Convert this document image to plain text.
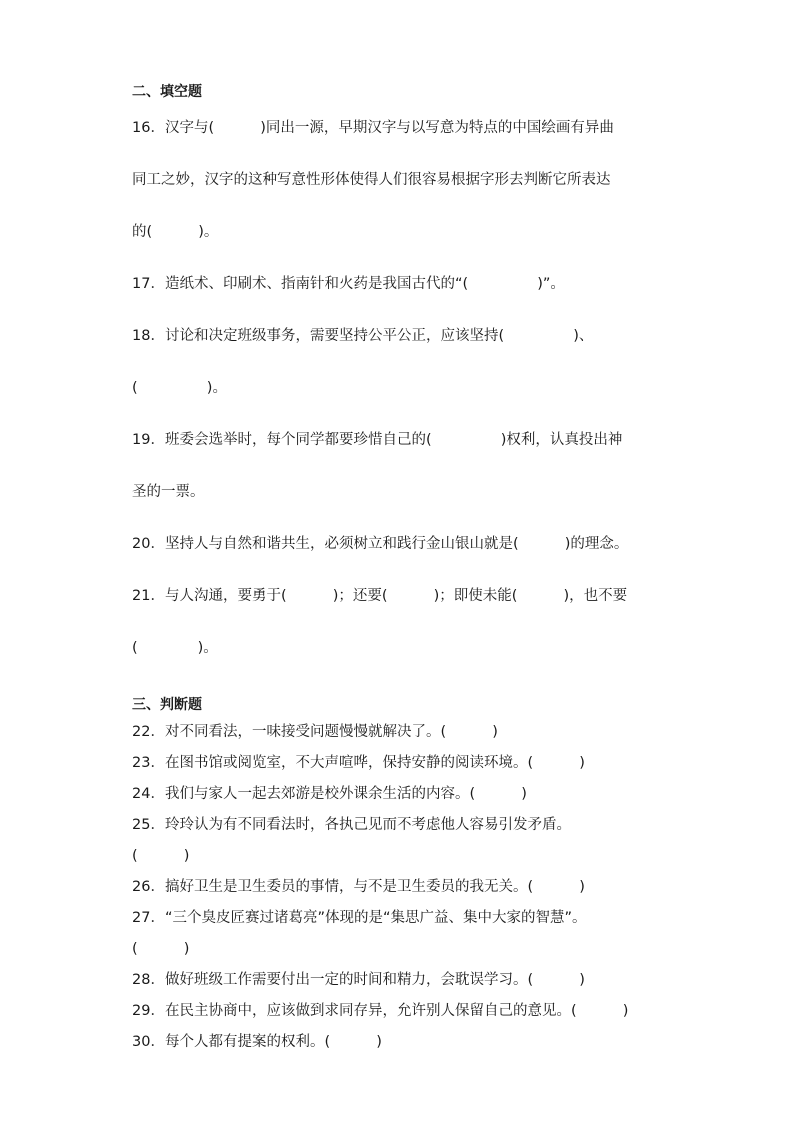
二、填空题
16．汉字与(          )同出一源，早期汉字与以写意为特点的中国绘画有异曲
同工之妙，汉字的这种写意性形体使得人们很容易根据字形去判断它所表达
的(          )。
17．造纸术、印刷术、指南针和火药是我国古代的“(               )”。
18．讨论和决定班级事务，需要坚持公平公正，应该坚持(               )、
(               )。
19．班委会选举时，每个同学都要珍惜自己的(               )权利，认真投出神
圣的一票。
20．坚持人与自然和谐共生，必须树立和践行金山银山就是(          )的理念。
21．与人沟通，要勇于(          )；还要(          )；即使未能(          )，也不要
(             )。
三、判断题
22．对不同看法，一味接受问题慢慢就解决了。(          )
23．在图书馆或阅览室，不大声喧哗，保持安静的阅读环境。(          )
24．我们与家人一起去郊游是校外课余生活的内容。(          )
25．玲玲认为有不同看法时，各执己见而不考虑他人容易引发矛盾。
(          )
26．搞好卫生是卫生委员的事情，与不是卫生委员的我无关。(          )
27．“三个臭皮匠赛过诸葛亮”体现的是“集思广益、集中大家的智慧”。
(          )
28．做好班级工作需要付出一定的时间和精力，会耽误学习。(          )
29．在民主协商中，应该做到求同存异，允许别人保留自己的意见。(          )
30．每个人都有提案的权利。(          )
